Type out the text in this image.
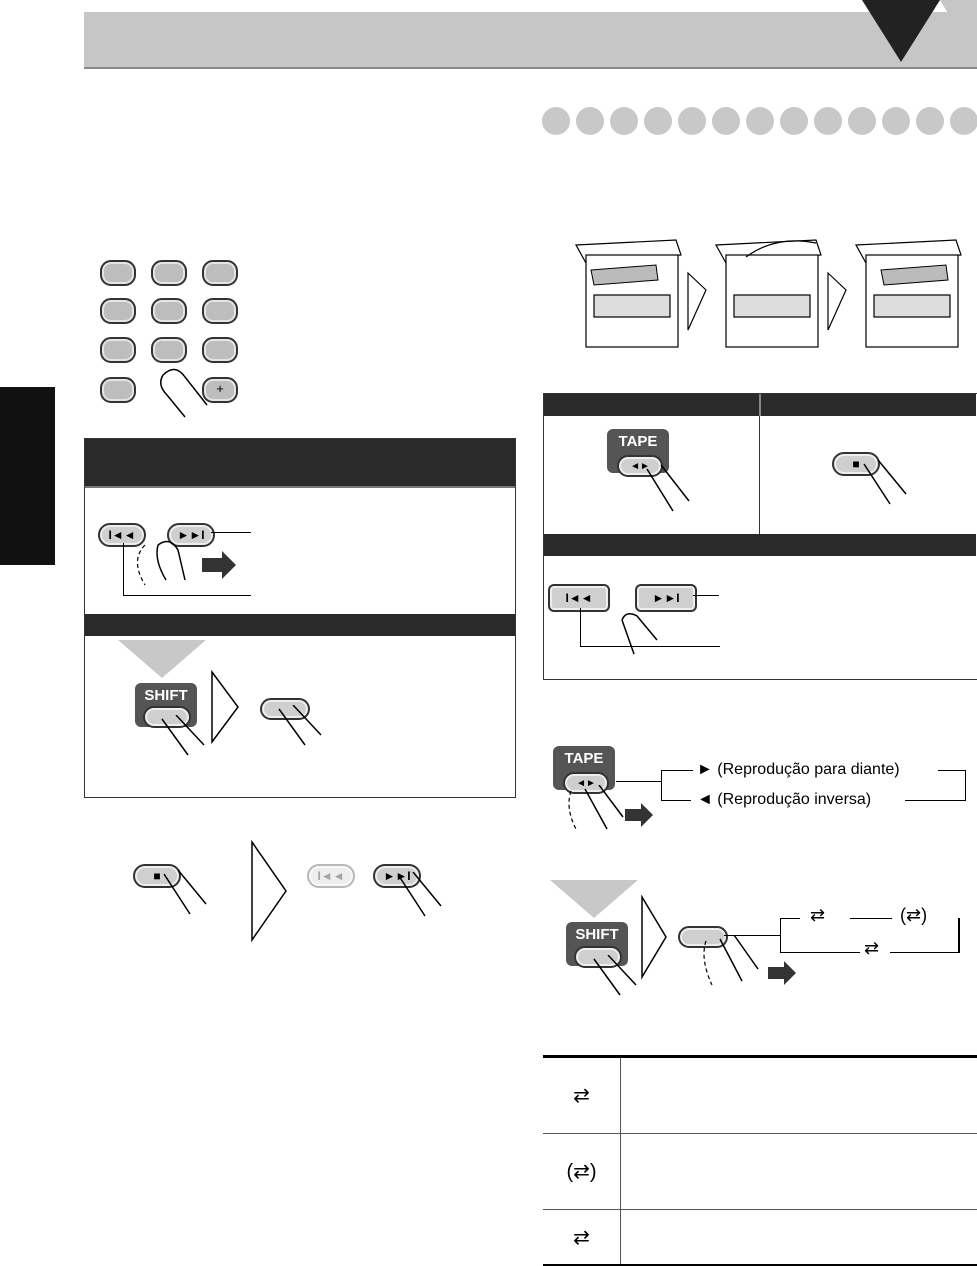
+
I◄◄	►►I
SHIFT
■	I◄◄	►►I
TAPE
◄►	■
I◄◄	►►I
TAPE
◄►
► (Reprodução para diante)
◄ (Reprodução inversa)
SHIFT
⇄	(⇄)
⇄
⇄	
(⇄)	
⇄	
